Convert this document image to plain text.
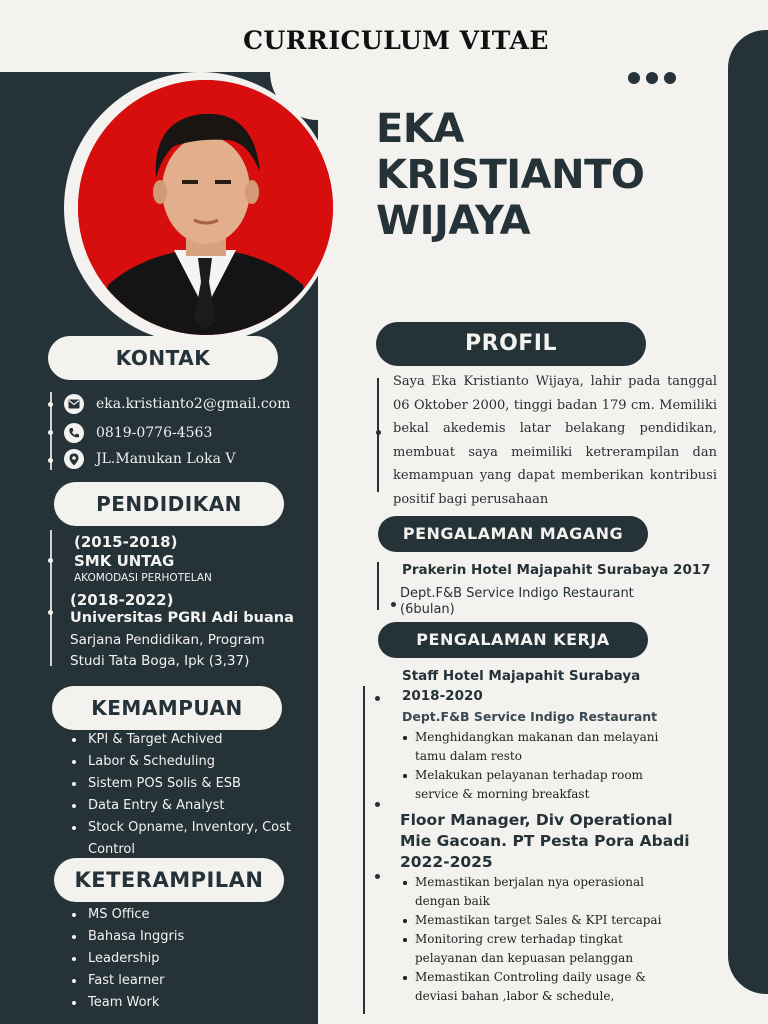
CURRICULUM VITAE
EKA
KRISTIANTO
WIJAYA
KONTAK
eka.kristianto2@gmail.com
0819-0776-4563
JL.Manukan Loka V
PENDIDIKAN
(2015-2018)
SMK UNTAG
AKOMODASI PERHOTELAN
(2018-2022)
Universitas PGRI Adi buana
Sarjana Pendidikan, Program
Studi Tata Boga, Ipk (3,37)
KEMAMPUAN
KPI & Target Achived
Labor & Scheduling
Sistem POS Solis & ESB
Data Entry & Analyst
Stock Opname, Inventory, Cost
Control
KETERAMPILAN
MS Office
Bahasa Inggris
Leadership
Fast learner
Team Work
PROFIL
Saya Eka Kristianto Wijaya, lahir pada tanggal 06 Oktober 2000, tinggi badan 179 cm. Memiliki bekal akedemis latar belakang pendidikan, membuat saya meimiliki ketrerampilan dan kemampuan yang dapat memberikan kontribusi positif bagi perusahaan
PENGALAMAN MAGANG
Prakerin Hotel Majapahit Surabaya 2017
Dept.F&B Service Indigo Restaurant
(6bulan)
PENGALAMAN KERJA
Staff Hotel Majapahit Surabaya
2018-2020
Dept.F&B Service Indigo Restaurant
Menghidangkan makanan dan melayani tamu dalam resto
Melakukan pelayanan terhadap room service & morning breakfast
Floor Manager, Div Operational
Mie Gacoan. PT Pesta Pora Abadi
2022-2025
Memastikan berjalan nya operasional dengan baik
Memastikan target Sales & KPI tercapai
Monitoring crew terhadap tingkat pelayanan dan kepuasan pelanggan
Memastikan Controling daily usage & deviasi bahan ,labor & schedule,
